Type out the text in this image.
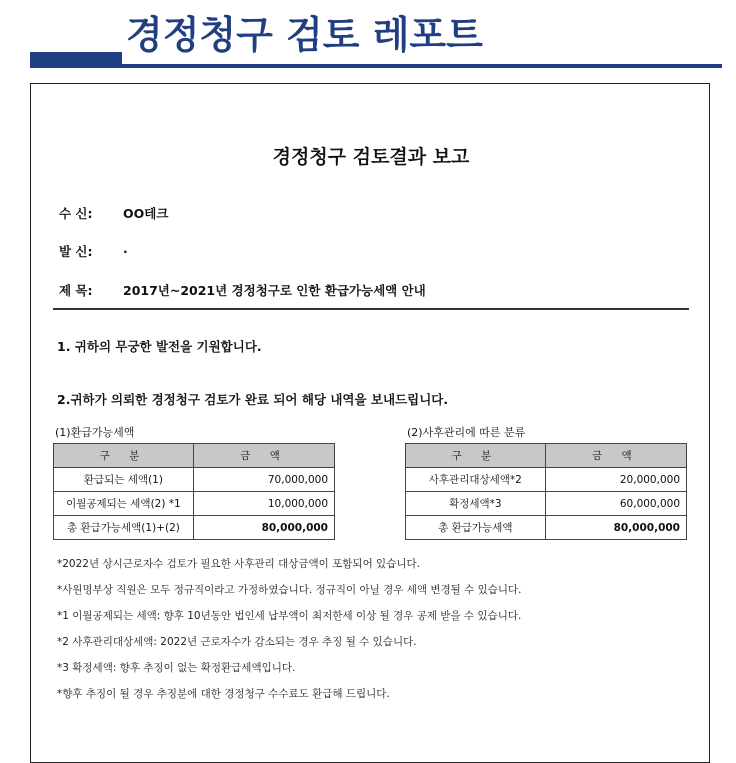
경정청구 검토 레포트
경정청구 검토결과 보고
수 신: OO테크
발 신: ·
제 목: 2017년~2021년 경정청구로 인한 환급가능세액 안내
1. 귀하의 무궁한 발전을 기원합니다.
2.귀하가 의뢰한 경정청구 검토가 완료 되어 해당 내역을 보내드립니다.
(1)환급가능세액
구 분	금 액
환급되는 세액(1)	70,000,000
이월공제되는 세액(2) *1	10,000,000
총 환급가능세액(1)+(2)	80,000,000
(2)사후관리에 따른 분류
구 분	금 액
사후관리대상세액*2	20,000,000
확정세액*3	60,000,000
총 환급가능세액	80,000,000
*2022년 상시근로자수 검토가 필요한 사후관리 대상금액이 포함되어 있습니다.
*사원명부상 직원은 모두 정규직이라고 가정하였습니다. 정규직이 아닐 경우 세액 변경될 수 있습니다.
*1 이월공제되는 세액: 향후 10년동안 법인세 납부액이 최저한세 이상 될 경우 공제 받을 수 있습니다.
*2 사후관리대상세액: 2022년 근로자수가 감소되는 경우 추징 될 수 있습니다.
*3 확정세액: 향후 추징이 없는 확정환급세액입니다.
*향후 추징이 될 경우 추징분에 대한 경정청구 수수료도 환급해 드립니다.
